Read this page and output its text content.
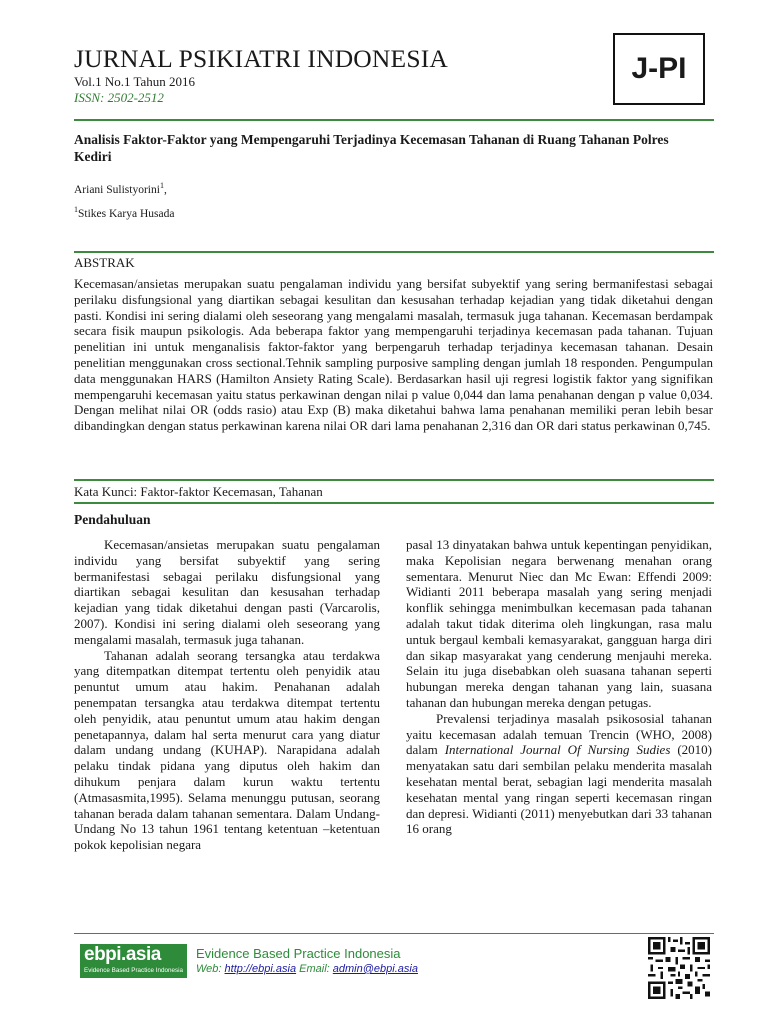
JURNAL PSIKIATRI INDONESIA
Vol.1 No.1 Tahun 2016
ISSN: 2502-2512
J-PI
Analisis Faktor-Faktor yang Mempengaruhi Terjadinya Kecemasan Tahanan di Ruang Tahanan Polres Kediri
Ariani Sulistyorini$^1$,
$^1$Stikes Karya Husada
ABSTRAK
Kecemasan/ansietas merupakan suatu pengalaman individu yang bersifat subyektif yang sering bermanifestasi sebagai perilaku disfungsional yang diartikan sebagai kesulitan dan kesusahan terhadap kejadian yang tidak diketahui dengan pasti. Kondisi ini sering dialami oleh seseorang yang mengalami masalah, termasuk juga tahanan. Kecemasan berdampak secara fisik maupun psikologis. Ada beberapa faktor yang mempengaruhi terjadinya kecemasan pada tahanan. Tujuan penelitian ini untuk menganalisis faktor-faktor yang berpengaruh terhadap terjadinya kecemasan tahanan. Desain penelitian menggunakan cross sectional.Tehnik sampling purposive sampling dengan jumlah 18 responden. Pengumpulan data menggunakan HARS (Hamilton Ansiety Rating Scale). Berdasarkan hasil uji regresi logistik faktor yang signifikan mempengaruhi kecemasan yaitu status perkawinan dengan nilai p value 0,044 dan lama penahanan dengan p value 0,034. Dengan melihat nilai OR (odds rasio) atau Exp (B) maka diketahui bahwa lama penahanan memiliki peran lebih besar dibandingkan dengan status perkawinan karena nilai OR dari lama penahanan 2,316 dan OR dari status perkawinan 0,745.
Kata Kunci: Faktor-faktor Kecemasan, Tahanan
Pendahuluan

Kecemasan/ansietas merupakan suatu pengalaman individu yang bersifat subyektif yang sering bermanifestasi sebagai perilaku disfungsional yang diartikan sebagai kesulitan dan kesusahan terhadap kejadian yang tidak diketahui dengan pasti (Varcarolis, 2007). Kondisi ini sering dialami oleh seseorang yang mengalami masalah, termasuk juga tahanan.

Tahanan adalah seorang tersangka atau terdakwa yang ditempatkan ditempat tertentu oleh penyidik atau penuntut umum atau hakim. Penahanan adalah penempatan tersangka atau terdakwa ditempat tertentu oleh penyidik, atau penuntut umum atau hakim dengan penetapannya, dalam hal serta menurut cara yang diatur dalam undang undang (KUHAP). Narapidana adalah pelaku tindak pidana yang diputus oleh hakim dan dihukum penjara dalam kurun waktu tertentu (Atmasasmita,1995). Selama menunggu putusan, seorang tahanan berada dalam tahanan sementara. Dalam Undang-Undang No 13 tahun 1961 tentang ketentuan –ketentuan pokok kepolisian negara

pasal 13 dinyatakan bahwa untuk kepentingan penyidikan, maka Kepolisian negara berwenang menahan orang sementara. Menurut Niec dan Mc Ewan: Effendi 2009: Widianti 2011 beberapa masalah yang sering menjadi konflik sehingga menimbulkan kecemasan pada tahanan adalah takut tidak diterima oleh lingkungan, rasa malu untuk bergaul kembali kemasyarakat, gangguan harga diri dan sikap masyarakat yang cenderung menjauhi mereka. Selain itu juga disebabkan oleh suasana tahanan seperti hubungan mereka dengan tahanan yang lain, suasana tahanan dan hubungan mereka dengan petugas.

Prevalensi terjadinya masalah psikososial tahanan yaitu kecemasan adalah temuan Trencin (WHO, 2008) dalam International Journal Of Nursing Sudies (2010) menyatakan satu dari sembilan pelaku menderita masalah kesehatan mental berat, sebagian lagi menderita masalah kesehatan mental yang ringan seperti kecemasan ringan dan depresi. Widianti (2011) menyebutkan dari 33 tahanan 16 orang

ebpi.asia
Evidence Based Practice Indonesia
Evidence Based Practice Indonesia
Web: http://ebpi.asia Email: admin@ebpi.asia
